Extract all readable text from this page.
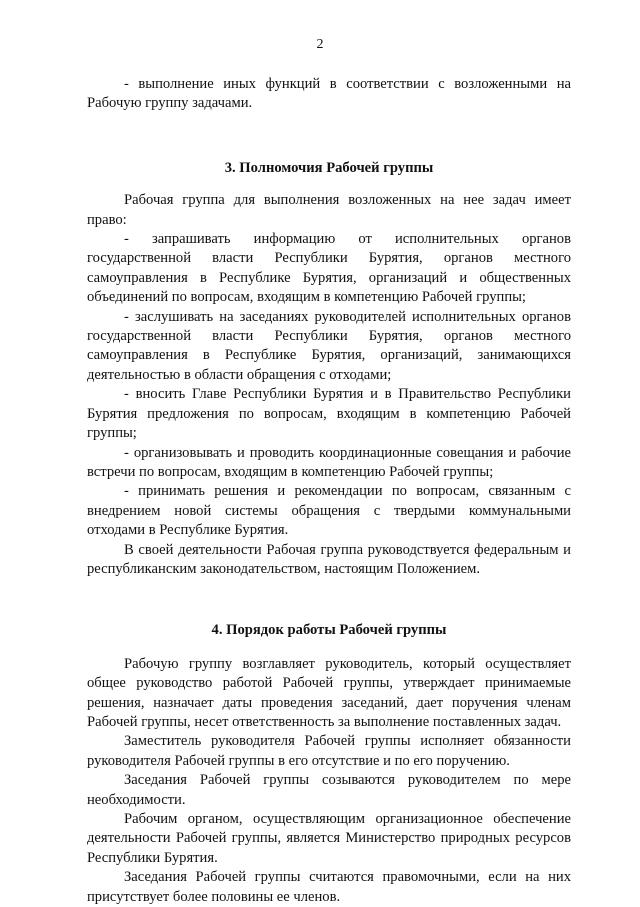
2

- выполнение иных функций в соответствии с возложенными на Рабочую группу задачами.

3. Полномочия Рабочей группы

Рабочая группа для выполнения возложенных на нее задач имеет право:

- запрашивать информацию от исполнительных органов государственной власти Республики Бурятия, органов местного самоуправления в Республике Бурятия, организаций и общественных объединений по вопросам, входящим в компетенцию Рабочей группы;

- заслушивать на заседаниях руководителей исполнительных органов государственной власти Республики Бурятия, органов местного самоуправления в Республике Бурятия, организаций, занимающихся деятельностью в области обращения с отходами;

- вносить Главе Республики Бурятия и в Правительство Республики Бурятия предложения по вопросам, входящим в компетенцию Рабочей группы;

- организовывать и проводить координационные совещания и рабочие встречи по вопросам, входящим в компетенцию Рабочей группы;

- принимать решения и рекомендации по вопросам, связанным с внедрением новой системы обращения с твердыми коммунальными отходами в Республике Бурятия.

В своей деятельности Рабочая группа руководствуется федеральным и республиканским законодательством, настоящим Положением.

4. Порядок работы Рабочей группы

Рабочую группу возглавляет руководитель, который осуществляет общее руководство работой Рабочей группы, утверждает принимаемые решения, назначает даты проведения заседаний, дает поручения членам Рабочей группы, несет ответственность за выполнение поставленных задач.

Заместитель руководителя Рабочей группы исполняет обязанности руководителя Рабочей группы в его отсутствие и по его поручению.

Заседания Рабочей группы созываются руководителем по мере необходимости.

Рабочим органом, осуществляющим организационное обеспечение деятельности Рабочей группы, является Министерство природных ресурсов Республики Бурятия.

Заседания Рабочей группы считаются правомочными, если на них присутствует более половины ее членов.
